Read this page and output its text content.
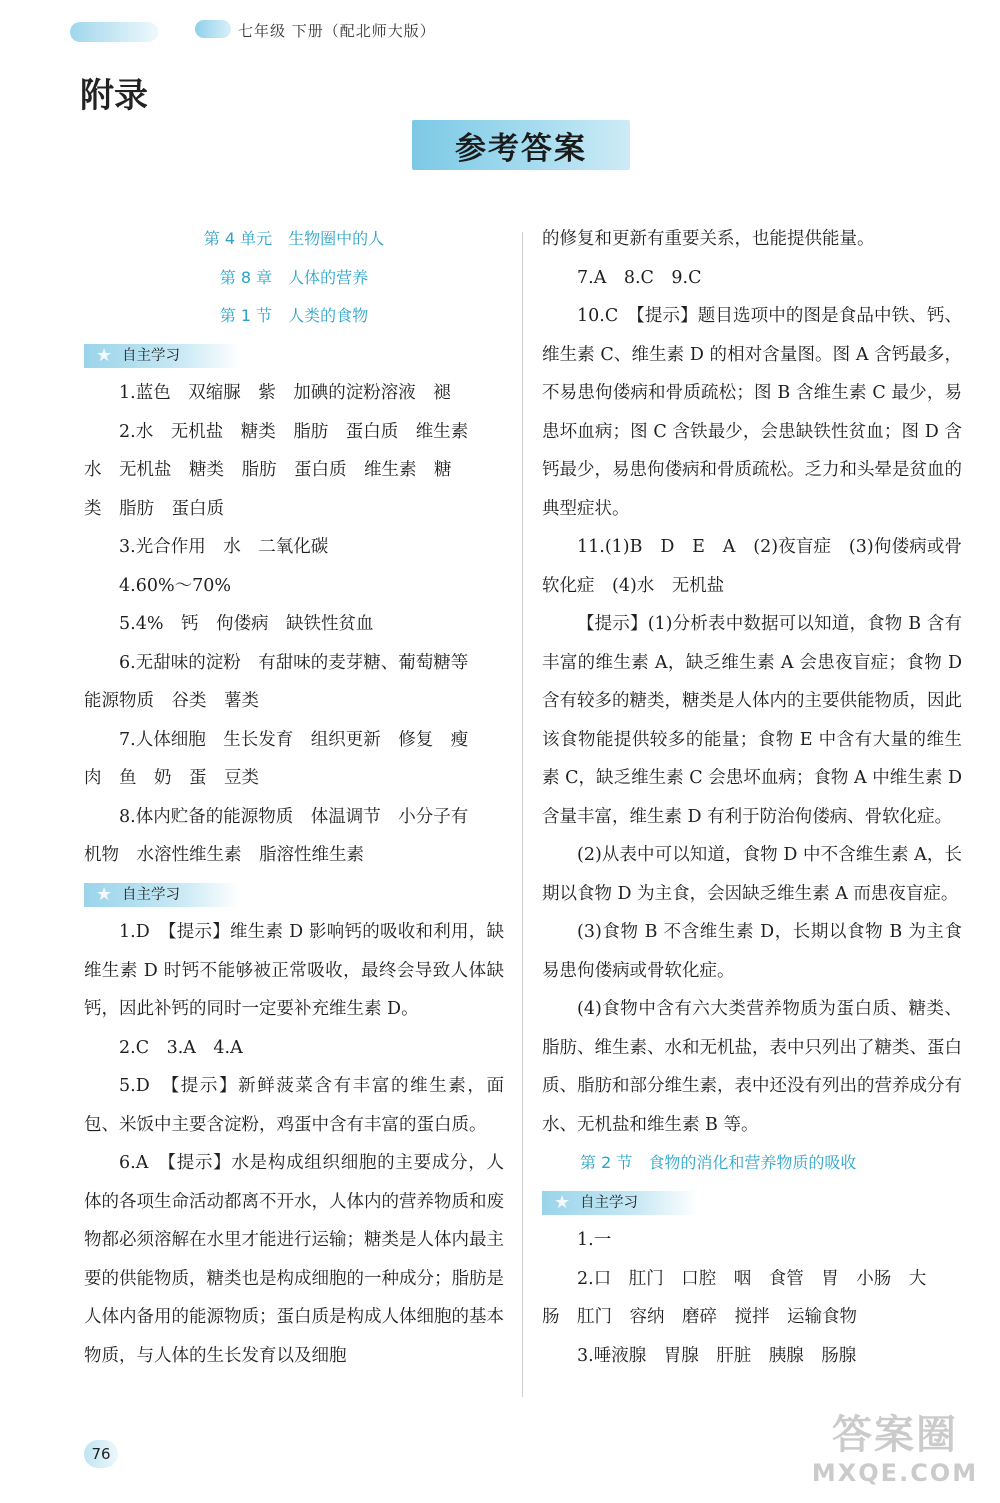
七年级 下册（配北师大版）
附录
参考答案
第 4 单元　生物圈中的人
第 8 章　人体的营养
第 1 节　人类的食物
★ 自主学习

1.蓝色　双缩脲　紫　加碘的淀粉溶液　褪

2.水　无机盐　糖类　脂肪　蛋白质　维生素

水　无机盐　糖类　脂肪　蛋白质　维生素　糖

类　脂肪　蛋白质

3.光合作用　水　二氧化碳

4.60%～70%

5.4%　钙　佝偻病　缺铁性贫血

6.无甜味的淀粉　有甜味的麦芽糖、葡萄糖等

能源物质　谷类　薯类

7.人体细胞　生长发育　组织更新　修复　瘦

肉　鱼　奶　蛋　豆类

8.体内贮备的能源物质　体温调节　小分子有

机物　水溶性维生素　脂溶性维生素

★ 自主学习

1.D　【提示】维生素 D 影响钙的吸收和利用，缺维生素 D 时钙不能够被正常吸收，最终会导致人体缺钙，因此补钙的同时一定要补充维生素 D。

2.C　3.A　4.A

5.D　【提示】新鲜菠菜含有丰富的维生素，面包、米饭中主要含淀粉，鸡蛋中含有丰富的蛋白质。

6.A　【提示】水是构成组织细胞的主要成分，人体的各项生命活动都离不开水，人体内的营养物质和废物都必须溶解在水里才能进行运输；糖类是人体内最主要的供能物质，糖类也是构成细胞的一种成分；脂肪是人体内备用的能源物质；蛋白质是构成人体细胞的基本物质，与人体的生长发育以及细胞

的修复和更新有重要关系，也能提供能量。

7.A　8.C　9.C

10.C　【提示】题目选项中的图是食品中铁、钙、维生素 C、维生素 D 的相对含量图。图 A 含钙最多，不易患佝偻病和骨质疏松；图 B 含维生素 C 最少，易患坏血病；图 C 含铁最少，会患缺铁性贫血；图 D 含钙最少，易患佝偻病和骨质疏松。乏力和头晕是贫血的典型症状。

11.(1)B　D　E　A　(2)夜盲症　(3)佝偻病或骨软化症　(4)水　无机盐

【提示】(1)分析表中数据可以知道，食物 B 含有丰富的维生素 A，缺乏维生素 A 会患夜盲症；食物 D 含有较多的糖类，糖类是人体内的主要供能物质，因此该食物能提供较多的能量；食物 E 中含有大量的维生素 C，缺乏维生素 C 会患坏血病；食物 A 中维生素 D 含量丰富，维生素 D 有利于防治佝偻病、骨软化症。

(2)从表中可以知道，食物 D 中不含维生素 A，长期以食物 D 为主食，会因缺乏维生素 A 而患夜盲症。

(3)食物 B 不含维生素 D，长期以食物 B 为主食易患佝偻病或骨软化症。

(4)食物中含有六大类营养物质为蛋白质、糖类、脂肪、维生素、水和无机盐，表中只列出了糖类、蛋白质、脂肪和部分维生素，表中还没有列出的营养成分有水、无机盐和维生素 B 等。

第 2 节　食物的消化和营养物质的吸收
★ 自主学习

1.一

2.口　肛门　口腔　咽　食管　胃　小肠　大

肠　肛门　容纳　磨碎　搅拌　运输食物

3.唾液腺　胃腺　肝脏　胰腺　肠腺

76	答案圈
MXQE.COM
